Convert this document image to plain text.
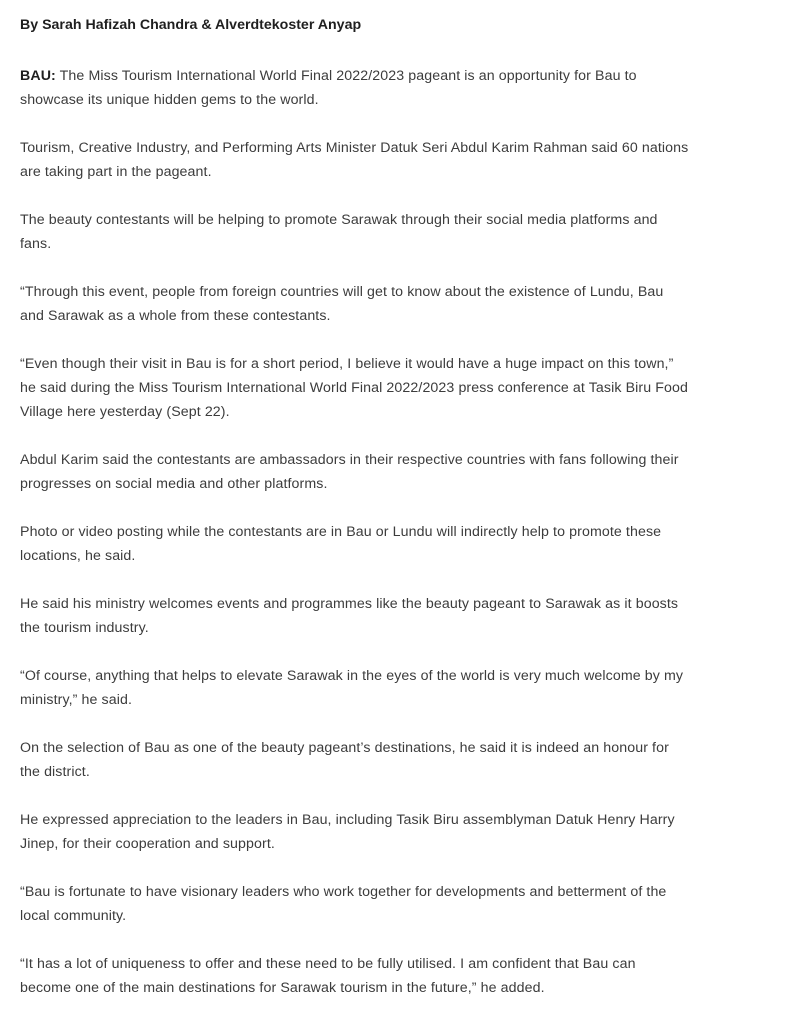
By Sarah Hafizah Chandra & Alverdtekoster Anyap
BAU: The Miss Tourism International World Final 2022/2023 pageant is an opportunity for Bau to
showcase its unique hidden gems to the world.
Tourism, Creative Industry, and Performing Arts Minister Datuk Seri Abdul Karim Rahman said 60 nations
are taking part in the pageant.
The beauty contestants will be helping to promote Sarawak through their social media platforms and
fans.
“Through this event, people from foreign countries will get to know about the existence of Lundu, Bau
and Sarawak as a whole from these contestants.
“Even though their visit in Bau is for a short period, I believe it would have a huge impact on this town,”
he said during the Miss Tourism International World Final 2022/2023 press conference at Tasik Biru Food
Village here yesterday (Sept 22).
Abdul Karim said the contestants are ambassadors in their respective countries with fans following their
progresses on social media and other platforms.
Photo or video posting while the contestants are in Bau or Lundu will indirectly help to promote these
locations, he said.
He said his ministry welcomes events and programmes like the beauty pageant to Sarawak as it boosts
the tourism industry.
“Of course, anything that helps to elevate Sarawak in the eyes of the world is very much welcome by my
ministry,” he said.
On the selection of Bau as one of the beauty pageant’s destinations, he said it is indeed an honour for
the district.
He expressed appreciation to the leaders in Bau, including Tasik Biru assemblyman Datuk Henry Harry
Jinep, for their cooperation and support.
“Bau is fortunate to have visionary leaders who work together for developments and betterment of the
local community.
“It has a lot of uniqueness to offer and these need to be fully utilised. I am confident that Bau can
become one of the main destinations for Sarawak tourism in the future,” he added.
